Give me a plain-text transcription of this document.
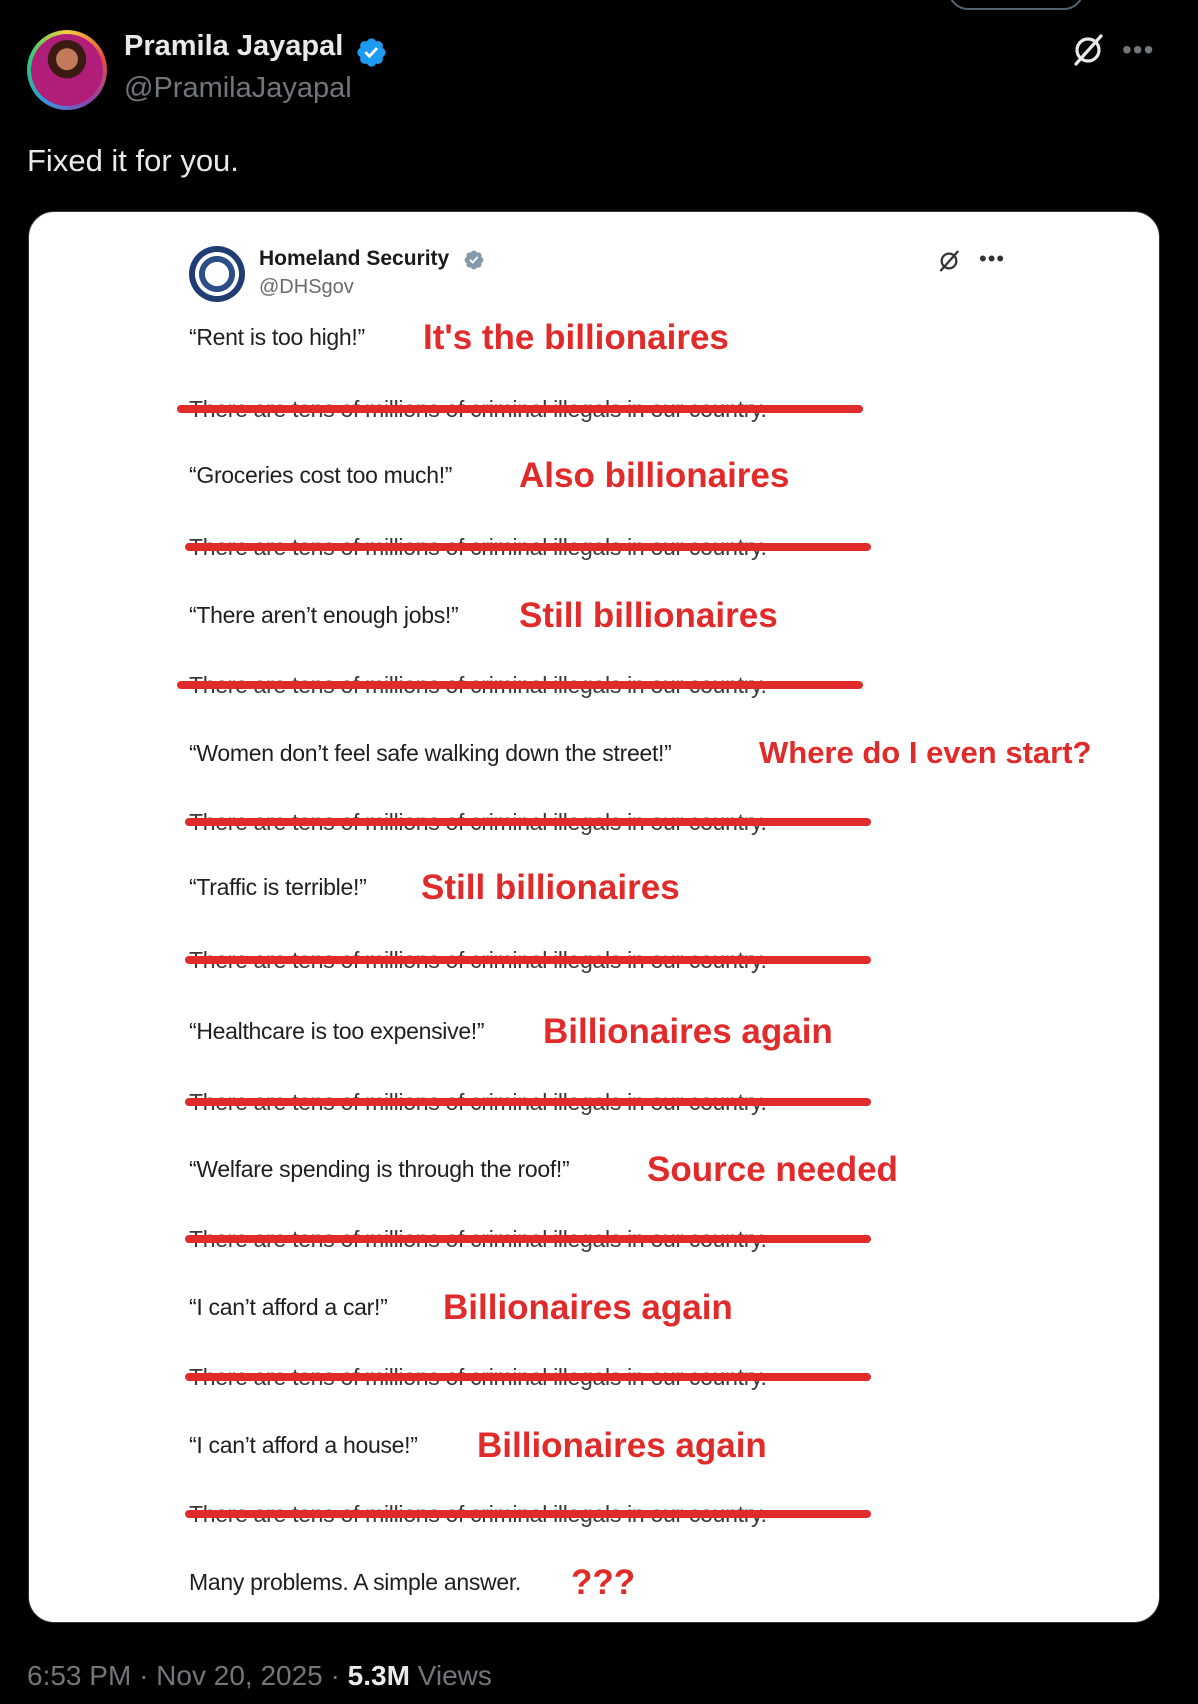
Pramila Jayapal
@PramilaJayapal
•••
Fixed it for you.
Homeland Security
@DHSgov
•••
“Rent is too high!” It's the billionaires
“Groceries cost too much!” Also billionaires
“There aren’t enough jobs!” Still billionaires
“Women don’t feel safe walking down the street!”	Where do I even start?
“Traffic is terrible!” Still billionaires
“Healthcare is too expensive!” Billionaires again
“Welfare spending is through the roof!” Source needed
“I can’t afford a car!” Billionaires again
“I can’t afford a house!” Billionaires again
Many problems. A simple answer. ???
6:53 PM · Nov 20, 2025 · 5.3M Views
